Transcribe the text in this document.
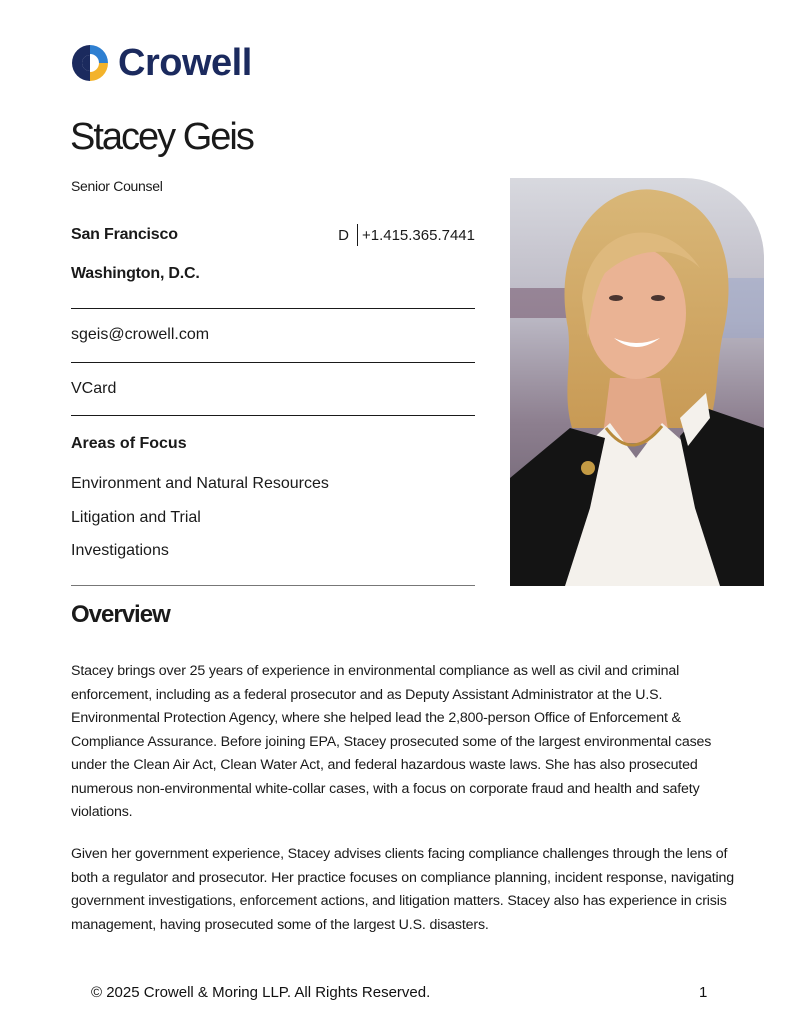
Crowell
Stacey Geis
Senior Counsel
San Francisco	D +1.415.365.7441
Washington, D.C.
sgeis@crowell.com
VCard
Areas of Focus
Environment and Natural Resources
Litigation and Trial
Investigations
Overview

Stacey brings over 25 years of experience in environmental compliance as well as civil and criminal enforcement, including as a federal prosecutor and as Deputy Assistant Administrator at the U.S. Environmental Protection Agency, where she helped lead the 2,800-person Office of Enforcement & Compliance Assurance. Before joining EPA, Stacey prosecuted some of the largest environmental cases under the Clean Air Act, Clean Water Act, and federal hazardous waste laws. She has also prosecuted numerous non-environmental white-collar cases, with a focus on corporate fraud and health and safety violations.

Given her government experience, Stacey advises clients facing compliance challenges through the lens of both a regulator and prosecutor. Her practice focuses on compliance planning, incident response, navigating government investigations, enforcement actions, and litigation matters. Stacey also has experience in crisis management, having prosecuted some of the largest U.S. disasters.

© 2025 Crowell & Moring LLP. All Rights Reserved.	1
